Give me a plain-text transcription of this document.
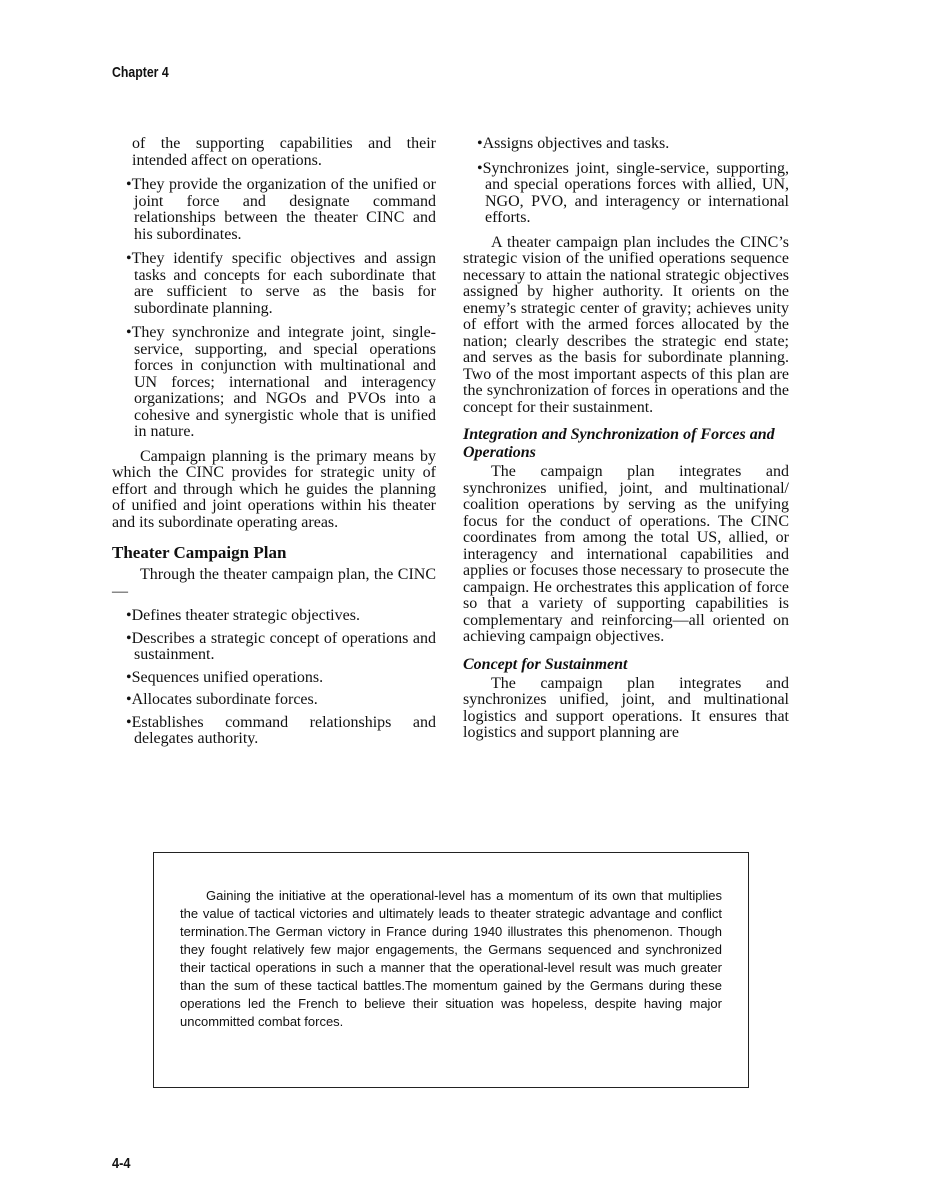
Chapter 4

of the supporting capabilities and their intended affect on operations.

•They provide the organization of the unified or joint force and designate command relationships between the theater CINC and his subordinates.

•They identify specific objectives and assign tasks and concepts for each subordinate that are sufficient to serve as the basis for subordinate planning.

•They synchronize and integrate joint, single-service, supporting, and special operations forces in conjunction with multinational and UN forces; international and interagency organizations; and NGOs and PVOs into a cohesive and synergistic whole that is unified in nature.

Campaign planning is the primary means by which the CINC provides for strategic unity of effort and through which he guides the planning of unified and joint operations within his theater and its subordinate operating areas.

Theater Campaign Plan

Through the theater campaign plan, the CINC—

•Defines theater strategic objectives.

•Describes a strategic concept of operations and sustainment.

•Sequences unified operations.

•Allocates subordinate forces.

•Establishes command relationships and delegates authority.

•Assigns objectives and tasks.

•Synchronizes joint, single-service, supporting, and special operations forces with allied, UN, NGO, PVO, and interagency or international efforts.

A theater campaign plan includes the CINC’s strategic vision of the unified operations sequence necessary to attain the national strategic objectives assigned by higher authority. It orients on the enemy’s strategic center of gravity; achieves unity of effort with the armed forces allocated by the nation; clearly describes the strategic end state; and serves as the basis for subordinate planning. Two of the most important aspects of this plan are the synchronization of forces in operations and the concept for their sustainment.

Integration and Synchronization of Forces and Operations

The campaign plan integrates and synchronizes unified, joint, and multinational/ coalition operations by serving as the unifying focus for the conduct of operations. The CINC coordinates from among the total US, allied, or interagency and international capabilities and applies or focuses those necessary to prosecute the campaign. He orchestrates this application of force so that a variety of supporting capabilities is complementary and reinforcing—all oriented on achieving campaign objectives.

Concept for Sustainment

The campaign plan integrates and synchronizes unified, joint, and multinational logistics and support operations. It ensures that logistics and support planning are

Gaining the initiative at the operational-level has a momentum of its own that multiplies the value of tactical victories and ultimately leads to theater strategic advantage and conflict termination.The German victory in France during 1940 illustrates this phenomenon. Though they fought relatively few major engagements, the Germans sequenced and synchronized their tactical operations in such a manner that the operational-level result was much greater than the sum of these tactical battles.The momentum gained by the Germans during these operations led the French to believe their situation was hopeless, despite having major uncommitted combat forces.

4-4
